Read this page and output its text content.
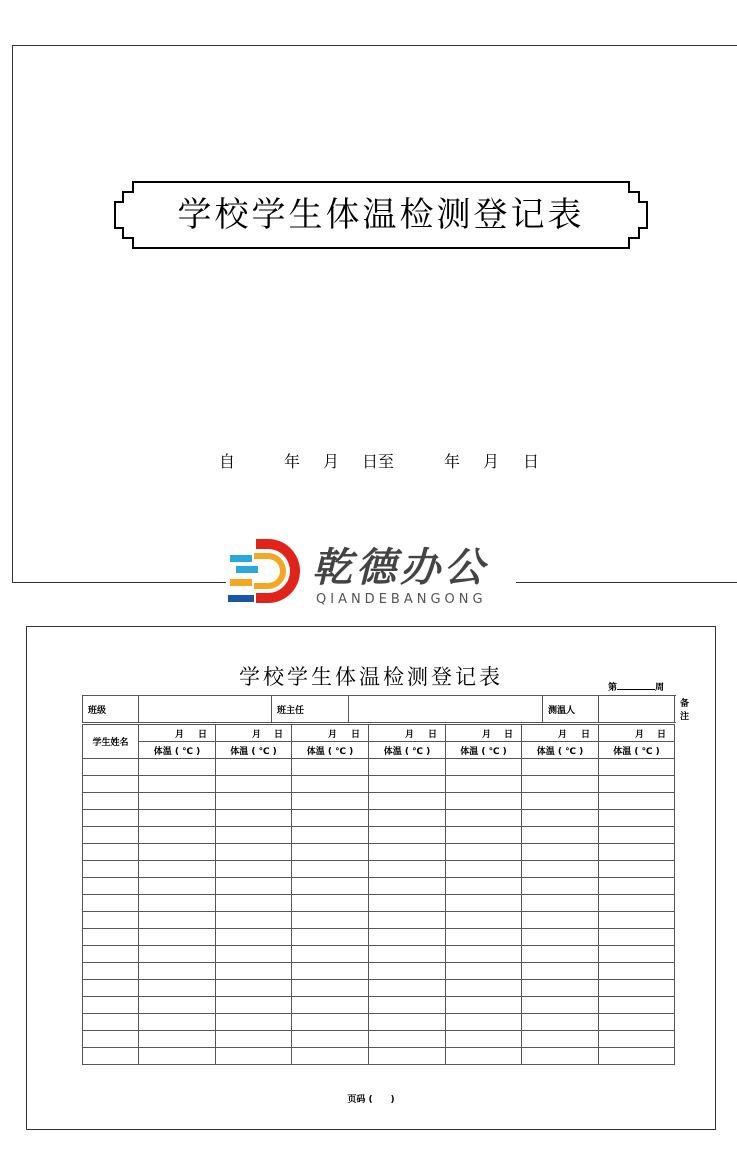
学校学生体温检测登记表
自	年 月 日至	年 月 日
乾德办公
QIANDEBANGONG
学校学生体温检测登记表	第	周
班级		班主任		测温人		备 注	
学生姓名	月 日	月 日	月 日	月 日	月 日	月 日	月 日

	体温 ( ℃ )	体温 ( ℃ )	体温 ( ℃ )	体温 ( ℃ )	体温 ( ℃ )	体温 ( ℃ )	体温 ( ℃ )

页码 (　　)
